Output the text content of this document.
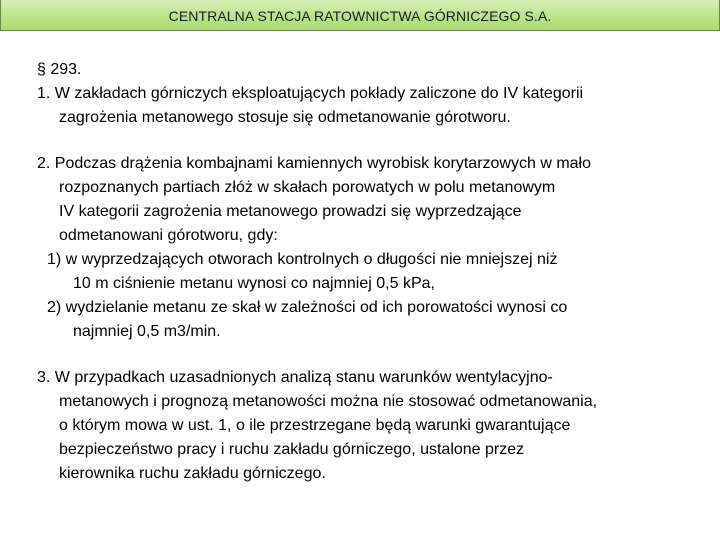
CENTRALNA STACJA RATOWNICTWA GÓRNICZEGO S.A.
§ 293.
1. W zakładach górniczych eksploatujących pokłady zaliczone do IV kategorii
zagrożenia metanowego stosuje się odmetanowanie górotworu.
2. Podczas drążenia kombajnami kamiennych wyrobisk korytarzowych w mało
rozpoznanych partiach złóż w skałach porowatych w polu metanowym
IV kategorii zagrożenia metanowego prowadzi się wyprzedzające
odmetanowani górotworu, gdy:
1) w wyprzedzających otworach kontrolnych o długości nie mniejszej niż
10 m ciśnienie metanu wynosi co najmniej 0,5 kPa,
2) wydzielanie metanu ze skał w zależności od ich porowatości wynosi co
najmniej 0,5 m3/min.
3. W przypadkach uzasadnionych analizą stanu warunków wentylacyjno-
metanowych i prognozą metanowości można nie stosować odmetanowania,
o którym mowa w ust. 1, o ile przestrzegane będą warunki gwarantujące
bezpieczeństwo pracy i ruchu zakładu górniczego, ustalone przez
kierownika ruchu zakładu górniczego.
